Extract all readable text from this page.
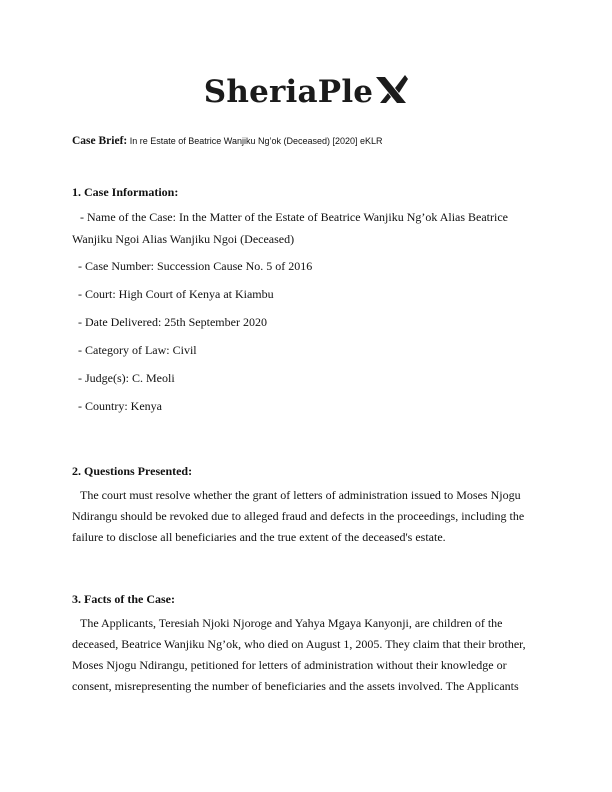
SheriaPle
Case Brief: In re Estate of Beatrice Wanjiku Ng’ok (Deceased) [2020] eKLR
1. Case Information:
- Name of the Case: In the Matter of the Estate of Beatrice Wanjiku Ng’ok Alias Beatrice Wanjiku Ngoi Alias Wanjiku Ngoi (Deceased)
- Case Number: Succession Cause No. 5 of 2016
- Court: High Court of Kenya at Kiambu
- Date Delivered: 25th September 2020
- Category of Law: Civil
- Judge(s): C. Meoli
- Country: Kenya
2. Questions Presented:
The court must resolve whether the grant of letters of administration issued to Moses Njogu Ndirangu should be revoked due to alleged fraud and defects in the proceedings, including the failure to disclose all beneficiaries and the true extent of the deceased's estate.
3. Facts of the Case:
The Applicants, Teresiah Njoki Njoroge and Yahya Mgaya Kanyonji, are children of the deceased, Beatrice Wanjiku Ng’ok, who died on August 1, 2005. They claim that their brother, Moses Njogu Ndirangu, petitioned for letters of administration without their knowledge or consent, misrepresenting the number of beneficiaries and the assets involved. The Applicants
